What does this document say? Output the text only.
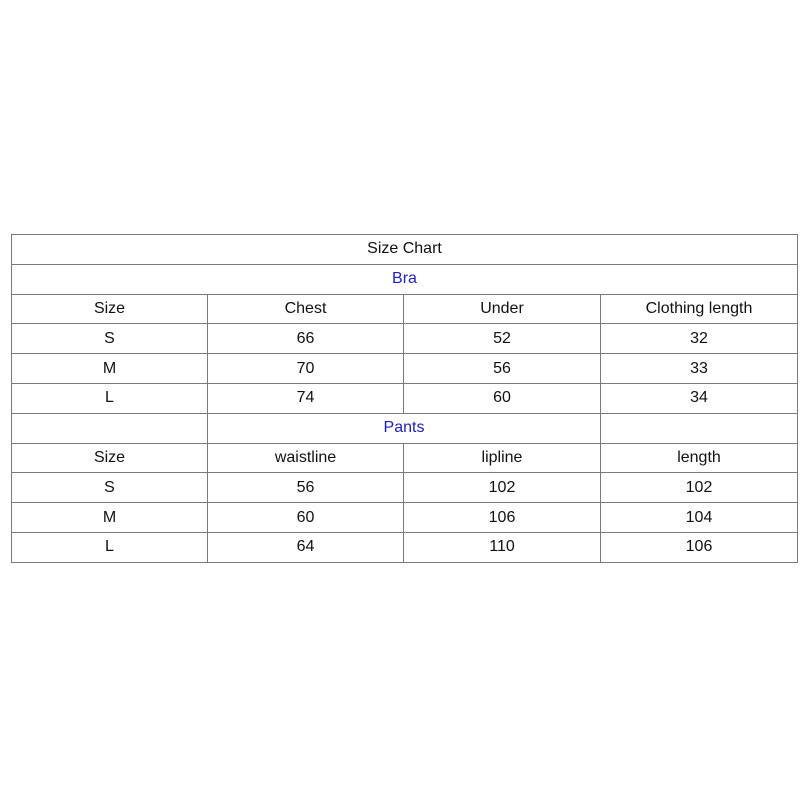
Size Chart			
Bra			
Size	Chest	Under	Clothing length
S	66	52	32
M	70	56	33
L	74	60	34
	Pants		
Size	waistline	lipline	length
S	56	102	102
M	60	106	104
L	64	110	106
